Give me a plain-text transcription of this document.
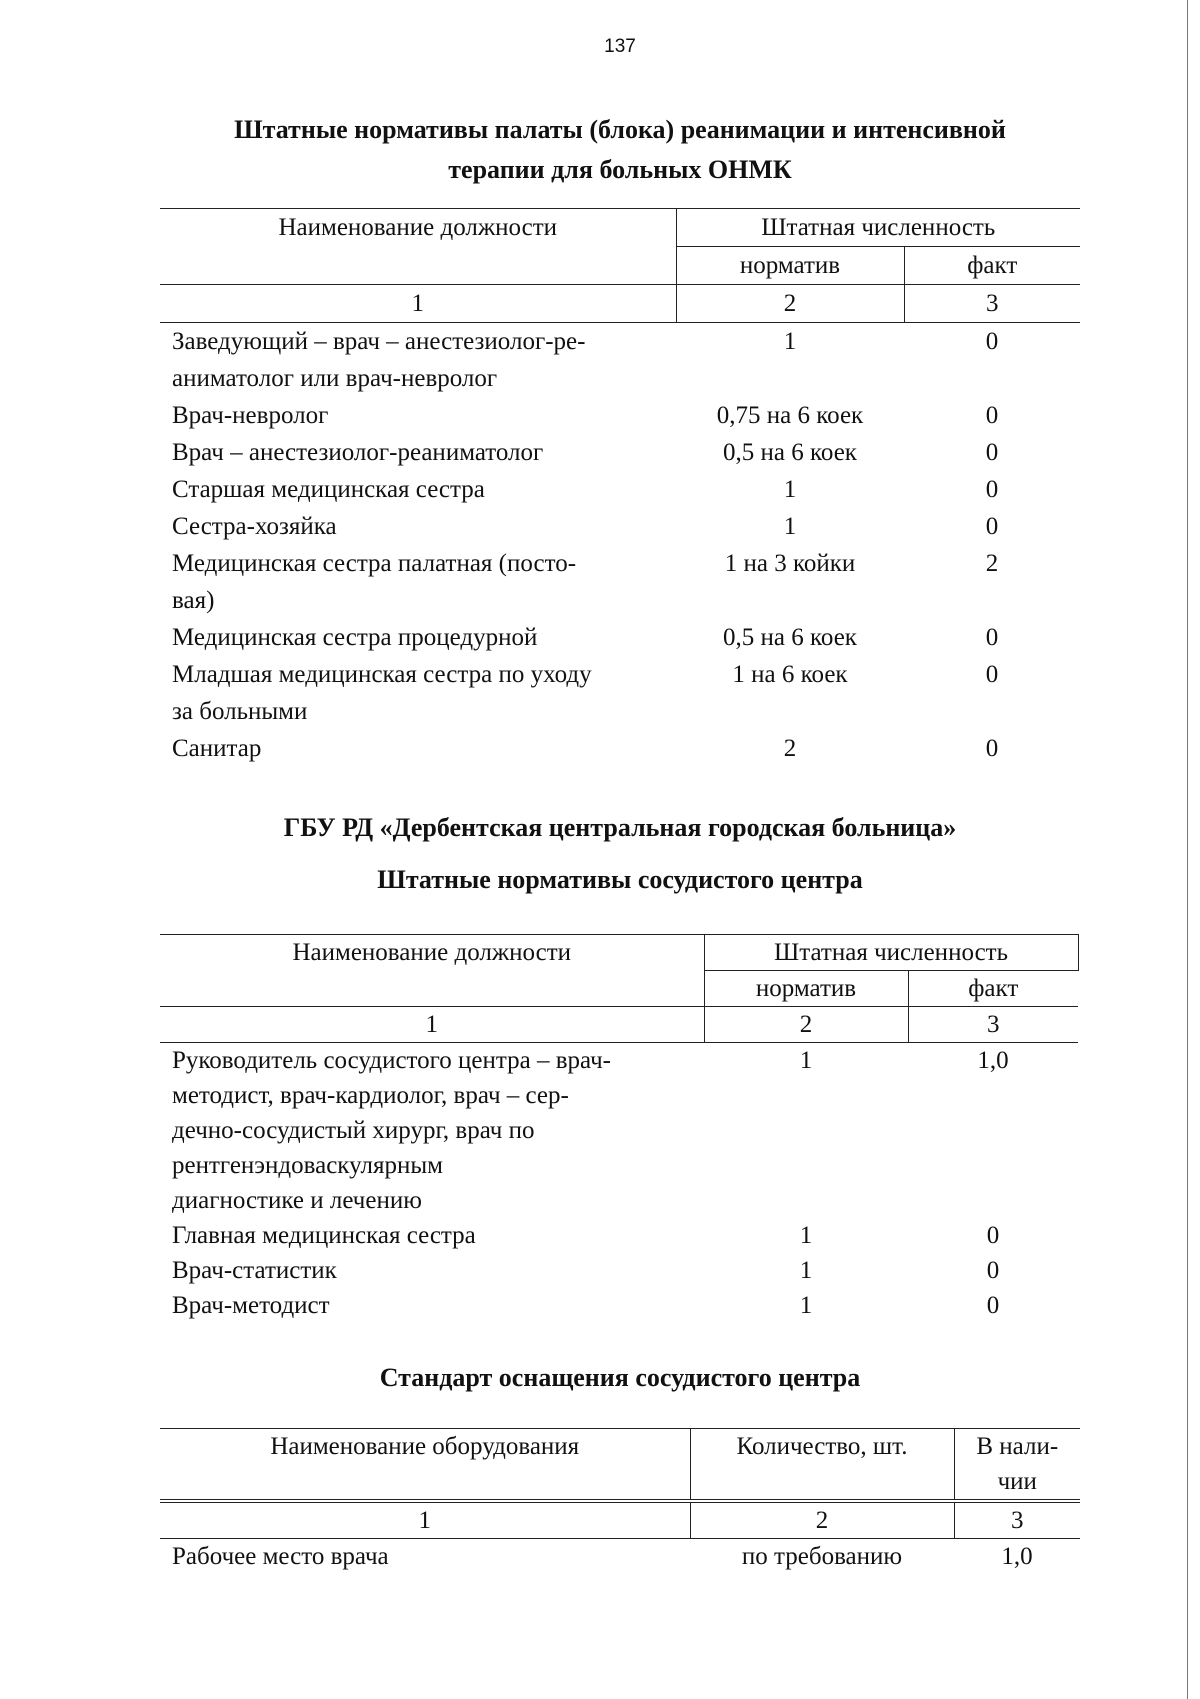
137
Штатные нормативы палаты (блока) реанимации и интенсивной
терапии для больных ОНМК
Наименование должности	Штатная численность	
	норматив	факт
1	2	3

Заведующий – врач – анестезиолог-ре-
аниматолог или врач-невролог	1	0
Врач-невролог	0,75 на 6 коек	0
Врач – анестезиолог-реаниматолог	0,5 на 6 коек	0
Старшая медицинская сестра	1	0
Сестра-хозяйка	1	0

Медицинская сестра палатная (посто-
вая)	1 на 3 койки	2
Медицинская сестра процедурной	0,5 на 6 коек	0

Младшая медицинская сестра по уходу
за больными	1 на 6 коек	0
Санитар	2	0
ГБУ РД «Дербентская центральная городская больница»
Штатные нормативы сосудистого центра
Наименование должности	Штатная численность	
	норматив	факт
1	2	3

Руководитель сосудистого центра – врач-
методист, врач-кардиолог, врач – сер-
дечно-сосудистый хирург, врач по
рентгенэндоваскулярным
диагностике и лечению	1	1,0
Главная медицинская сестра	1	0
Врач-статистик	1	0
Врач-методист	1	0
Стандарт оснащения сосудистого центра
Наименование оборудования	Количество, шт.	В нали-
чии

1	2	3
Рабочее место врача	по требованию	1,0
